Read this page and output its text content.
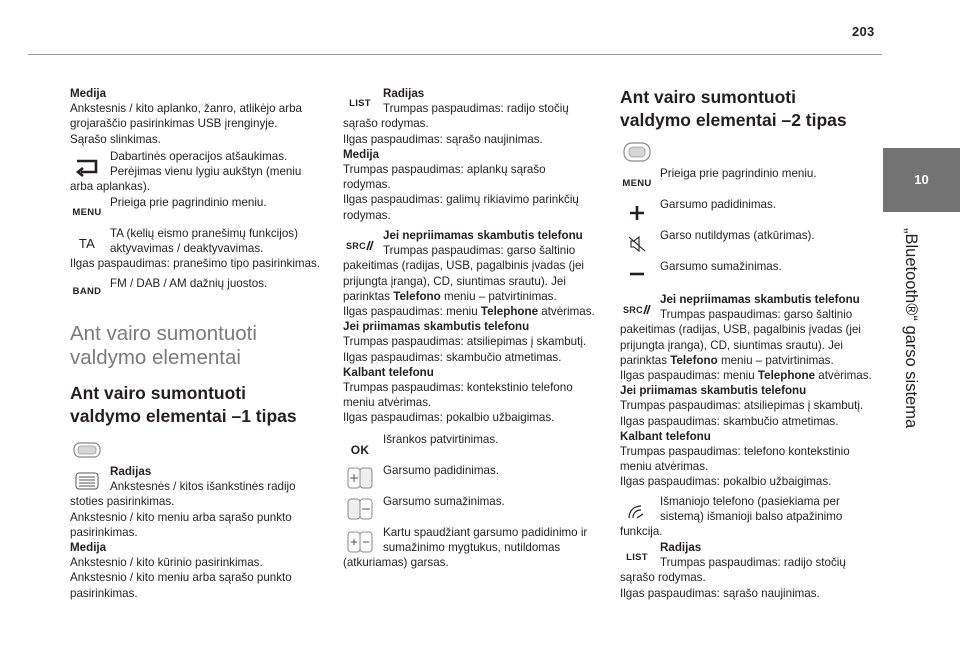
203
10
„Bluetooth®“ garso sistema

Medija

Ankstesnis / kito aplanko, žanro, atlikėjo arba

grojaraščio pasirinkimas USB įrenginyje.

Sąrašo slinkimas.

Dabartinės operacijos atšaukimas.

Perėjimas vienu lygiu aukštyn (meniu

arba aplankas).

MENU

Prieiga prie pagrindinio meniu.

TA

TA (kelių eismo pranešimų funkcijos)

aktyvavimas / deaktyvavimas.

Ilgas paspaudimas: pranešimo tipo pasirinkimas.

BAND

FM / DAB / AM dažnių juostos.

Ant vairo sumontuoti

valdymo elementai

Ant vairo sumontuoti

valdymo elementai –1 tipas

Radijas

Ankstesnės / kitos išankstinės radijo

stoties pasirinkimas.

Ankstesnio / kito meniu arba sąrašo punkto

pasirinkimas.

Medija

Ankstesnio / kito kūrinio pasirinkimas.

Ankstesnio / kito meniu arba sąrašo punkto

pasirinkimas.

LIST

Radijas

Trumpas paspaudimas: radijo stočių

sąrašo rodymas.

Ilgas paspaudimas: sąrašo naujinimas.

Medija

Trumpas paspaudimas: aplankų sąrašo

rodymas.

Ilgas paspaudimas: galimų rikiavimo parinkčių

rodymas.

SRC

Jei nepriimamas skambutis telefonu

Trumpas paspaudimas: garso šaltinio

pakeitimas (radijas, USB, pagalbinis įvadas (jei

prijungta įranga), CD, siuntimas srautu). Jei

parinktas Telefono meniu – patvirtinimas.

Ilgas paspaudimas: meniu Telephone atvėrimas.

Jei priimamas skambutis telefonu

Trumpas paspaudimas: atsiliepimas į skambutį.

Ilgas paspaudimas: skambučio atmetimas.

Kalbant telefonu

Trumpas paspaudimas: kontekstinio telefono

meniu atvėrimas.

Ilgas paspaudimas: pokalbio užbaigimas.

OK

Išrankos patvirtinimas.

Garsumo padidinimas.

Garsumo sumažinimas.

Kartu spaudžiant garsumo padidinimo ir

sumažinimo mygtukus, nutildomas

(atkuriamas) garsas.

Ant vairo sumontuoti

valdymo elementai –2 tipas

MENU

Prieiga prie pagrindinio meniu.

Garsumo padidinimas.

Garso nutildymas (atkūrimas).

Garsumo sumažinimas.

SRC

Jei nepriimamas skambutis telefonu

Trumpas paspaudimas: garso šaltinio

pakeitimas (radijas, USB, pagalbinis įvadas (jei

prijungta įranga), CD, siuntimas srautu). Jei

parinktas Telefono meniu – patvirtinimas.

Ilgas paspaudimas: meniu Telephone atvėrimas.

Jei priimamas skambutis telefonu

Trumpas paspaudimas: atsiliepimas į skambutį.

Ilgas paspaudimas: skambučio atmetimas.

Kalbant telefonu

Trumpas paspaudimas: telefono kontekstinio

meniu atvėrimas.

Ilgas paspaudimas: pokalbio užbaigimas.

Išmaniojo telefono (pasiekiama per

sistemą) išmanioji balso atpažinimo

funkcija.

LIST

Radijas

Trumpas paspaudimas: radijo stočių

sąrašo rodymas.

Ilgas paspaudimas: sąrašo naujinimas.
